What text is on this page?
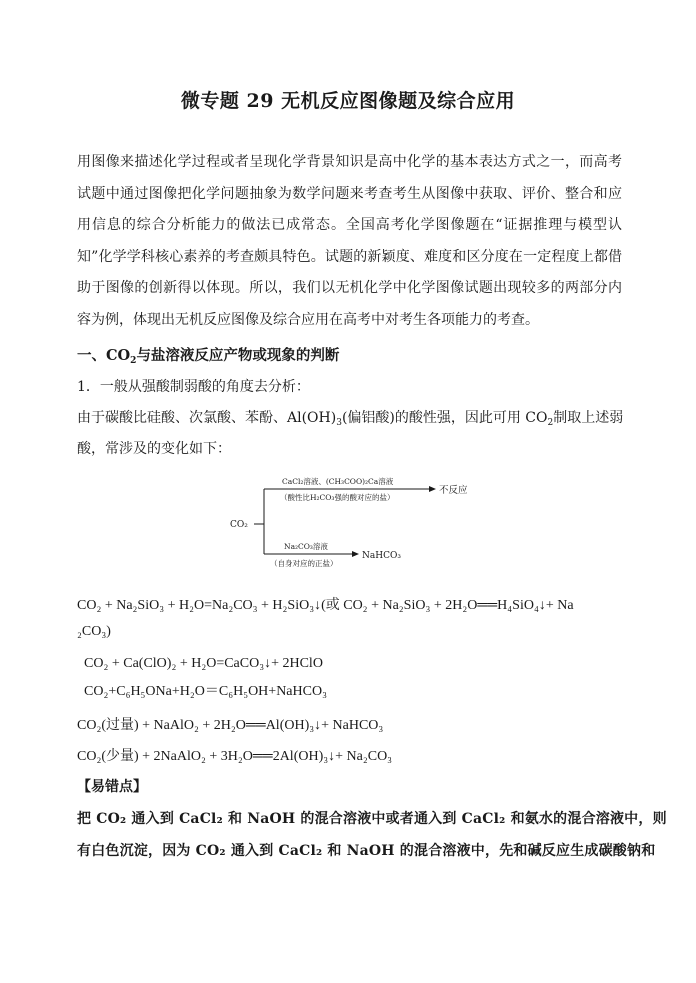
微专题 29 无机反应图像题及综合应用

用图像来描述化学过程或者呈现化学背景知识是高中化学的基本表达方式之一，而高考试题中通过图像把化学问题抽象为数学问题来考查考生从图像中获取、评价、整合和应用信息的综合分析能力的做法已成常态。全国高考化学图像题在“证据推理与模型认知”化学学科核心素养的考查颇具特色。试题的新颖度、难度和区分度在一定程度上都借助于图像的创新得以体现。所以，我们以无机化学中化学图像试题出现较多的两部分内容为例，体现出无机反应图像及综合应用在高考中对考生各项能力的考查。

一、$CO_2$与盐溶液反应产物或现象的判断
1．一般从强酸制弱酸的角度去分析：
由于碳酸比硅酸、次氯酸、苯酚、$Al(OH)_3$(偏铝酸)的酸性强，因此可用 $CO_2$制取上述弱
酸，常涉及的变化如下：
CO₂
CaCl₂溶液、(CH₃COO)₂Ca溶液
（酸性比H₂CO₃强的酸对应的盐）
不反应
Na₂CO₃溶液
（自身对应的正盐）
NaHCO₃
CO₂ + Na₂SiO₃ + H₂O=Na₂CO₃ + H₂SiO₃↓(或 CO₂ + Na₂SiO₃ + 2H₂O══H₄SiO₄↓+ Na
₂CO₃)
CO₂ + Ca(ClO)₂ + H₂O=CaCO₃↓+ 2HClO
CO₂+C₆H₅ONa+H₂O＝C₆H₅OH+NaHCO₃
CO₂(过量) + NaAlO₂ + 2H₂O══Al(OH)₃↓+ NaHCO₃
CO₂(少量) + 2NaAlO₂ + 3H₂O══2Al(OH)₃↓+ Na₂CO₃
【易错点】
把 CO₂ 通入到 CaCl₂ 和 NaOH 的混合溶液中或者通入到 CaCl₂ 和氨水的混合溶液中，则
有白色沉淀，因为 CO₂ 通入到 CaCl₂ 和 NaOH 的混合溶液中，先和碱反应生成碳酸钠和
